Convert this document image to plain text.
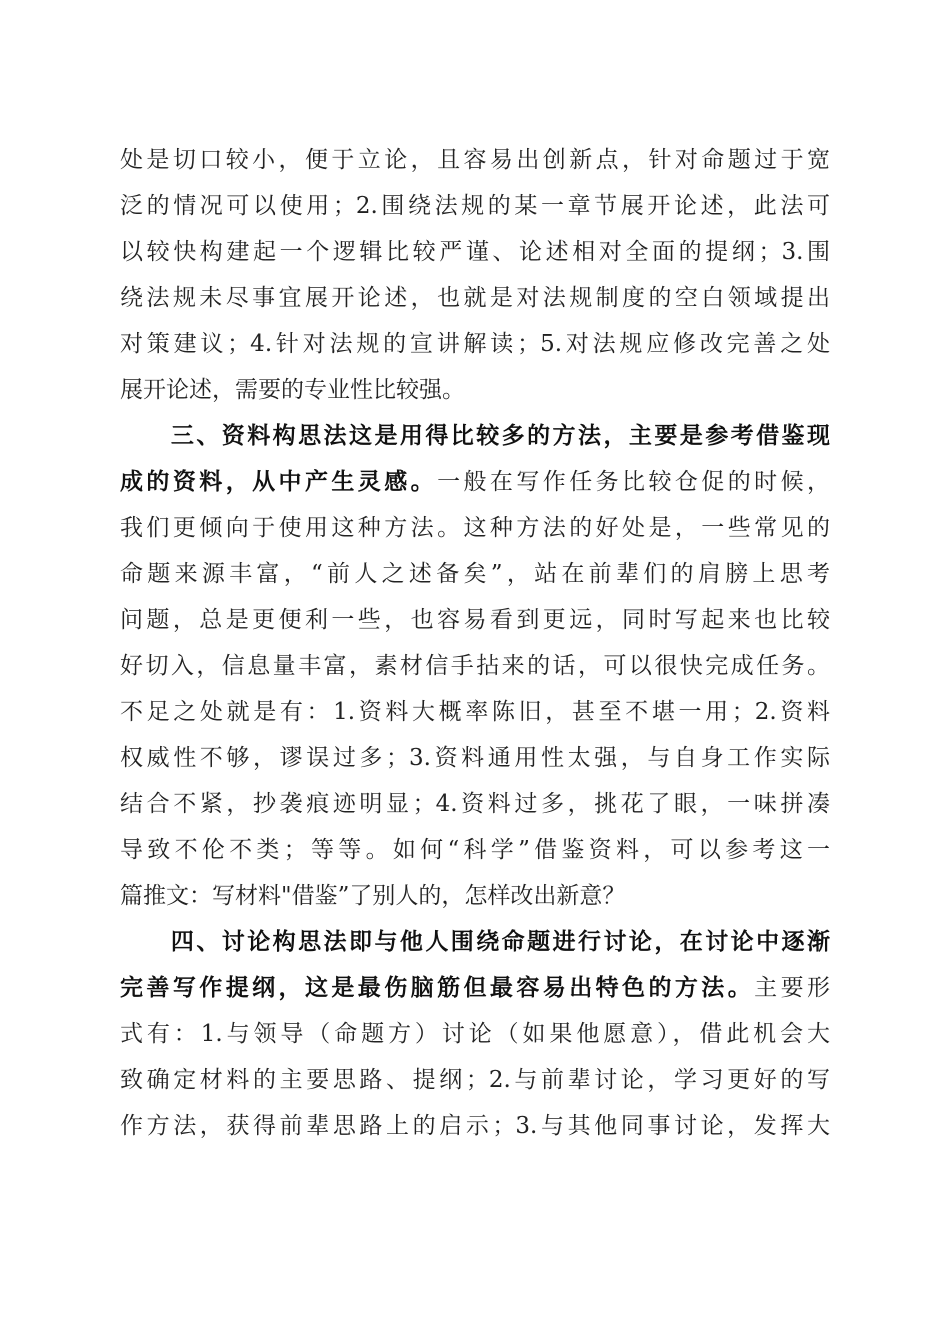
处是切口较小，便于立论，且容易出创新点，针对命题过于宽
泛的情况可以使用；2.围绕法规的某一章节展开论述，此法可
以较快构建起一个逻辑比较严谨、论述相对全面的提纲；3.围
绕法规未尽事宜展开论述，也就是对法规制度的空白领域提出
对策建议；4.针对法规的宣讲解读；5.对法规应修改完善之处
展开论述，需要的专业性比较强。
　　三、资料构思法这是用得比较多的方法，主要是参考借鉴现
成的资料，从中产生灵感。一般在写作任务比较仓促的时候，
我们更倾向于使用这种方法。这种方法的好处是，一些常见的
命题来源丰富，“前人之述备矣”，站在前辈们的肩膀上思考
问题，总是更便利一些，也容易看到更远，同时写起来也比较
好切入，信息量丰富，素材信手拈来的话，可以很快完成任务。
不足之处就是有：1.资料大概率陈旧，甚至不堪一用；2.资料
权威性不够，谬误过多；3.资料通用性太强，与自身工作实际
结合不紧，抄袭痕迹明显；4.资料过多，挑花了眼，一味拼凑
导致不伦不类；等等。如何“科学”借鉴资料，可以参考这一
篇推文：写材料"借鉴”了别人的，怎样改出新意？
　　四、讨论构思法即与他人围绕命题进行讨论，在讨论中逐渐
完善写作提纲，这是最伤脑筋但最容易出特色的方法。主要形
式有：1.与领导（命题方）讨论（如果他愿意），借此机会大
致确定材料的主要思路、提纲；2.与前辈讨论，学习更好的写
作方法，获得前辈思路上的启示；3.与其他同事讨论，发挥大
